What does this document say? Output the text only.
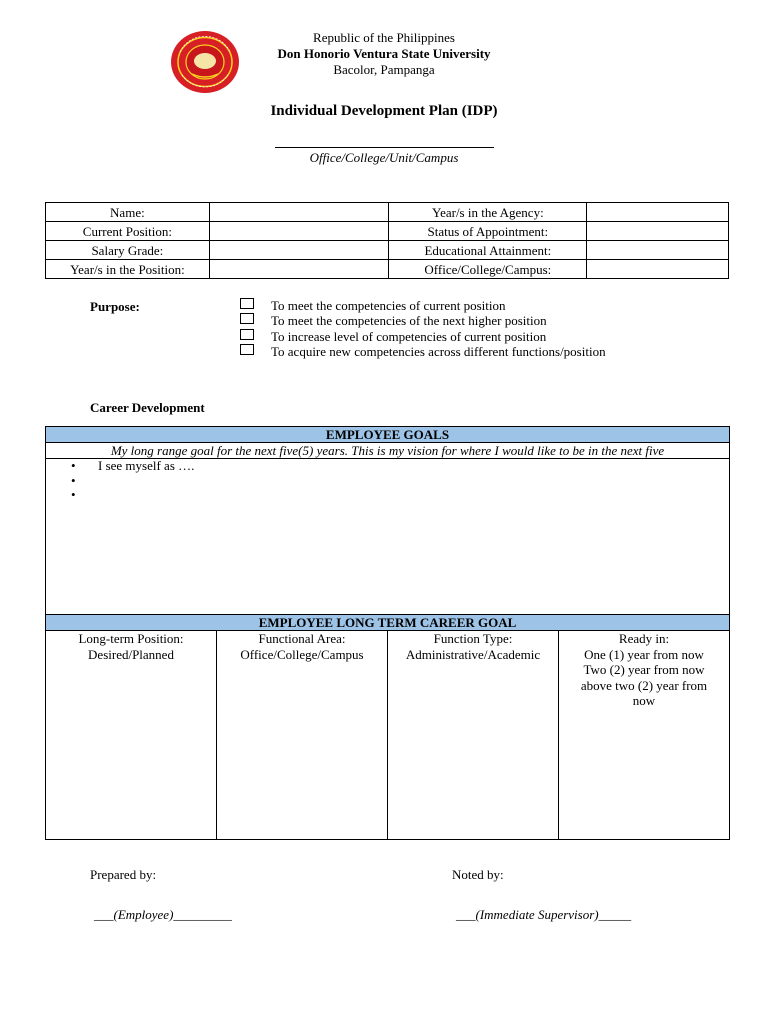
Republic of the Philippines
Don Honorio Ventura State University
Bacolor, Pampanga
Individual Development Plan (IDP)
Office/College/Unit/Campus
Name:		Year/s in the Agency:	
Current Position:		Status of Appointment:	
Salary Grade:		Educational Attainment:	
Year/s in the Position:		Office/College/Campus:	
Purpose:	To meet the competencies of current position
To meet the competencies of the next higher position
To increase level of competencies of current position
To acquire new competencies across different functions/position
Career Development
EMPLOYEE GOALS
My long range goal for the next five(5) years. This is my vision for where I would like to be in the next five
• I see myself as ….
•
•
EMPLOYEE LONG TERM CAREER GOAL
Long-term Position:
Desired/Planned
Functional Area:
Office/College/Campus
Function Type:
Administrative/Academic
Ready in:
One (1) year from now
Two (2) year from now
above two (2) year from
now
Prepared by:	Noted by:
___(Employee)_________	___(Immediate Supervisor)_____
